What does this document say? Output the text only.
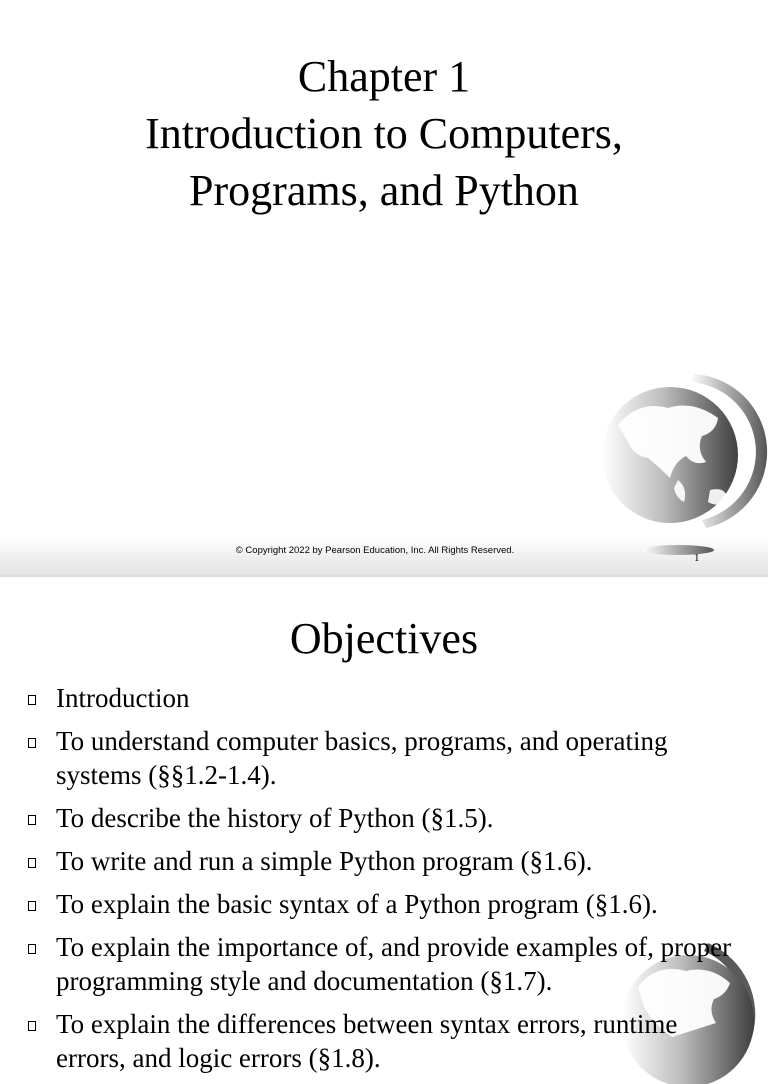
Chapter 1
Introduction to Computers,
Programs, and Python
© Copyright 2022 by Pearson Education, Inc. All Rights Reserved.
1
Objectives
Introduction
To understand computer basics, programs, and operating systems (§§1.2-1.4).
To describe the history of Python (§1.5).
To write and run a simple Python program (§1.6).
To explain the basic syntax of a Python program (§1.6).
To explain the importance of, and provide examples of, proper programming style and documentation (§1.7).
To explain the differences between syntax errors, runtime errors, and logic errors (§1.8).
